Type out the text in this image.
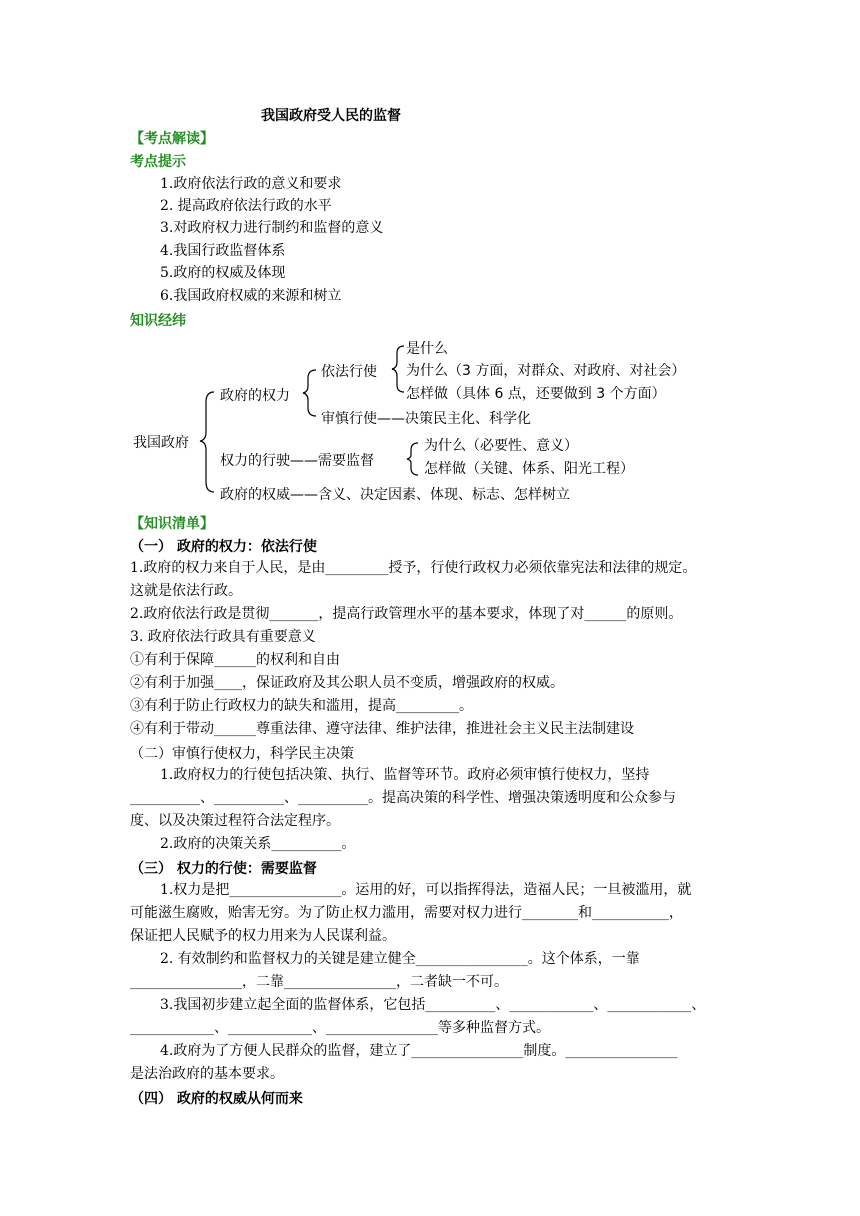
我国政府受人民的监督
【考点解读】
考点提示
1.政府依法行政的意义和要求
2. 提高政府依法行政的水平
3.对政府权力进行制约和监督的意义
4.我国行政监督体系
5.政府的权威及体现
6.我国政府权威的来源和树立
知识经纬
我国政府
政府的权力
依法行使
是什么
为什么（3 方面，对群众、对政府、对社会）
怎样做（具体 6 点，还要做到 3 个方面）
审慎行使——决策民主化、科学化
权力的行驶——需要监督
为什么（必要性、意义）
怎样做（关键、体系、阳光工程）
政府的权威——含义、决定因素、体现、标志、怎样树立
【知识清单】
（一） 政府的权力：依法行使
1.政府的权力来自于人民，是由_________授予，行使行政权力必须依靠宪法和法律的规定。
这就是依法行政。
2.政府依法行政是贯彻_______，提高行政管理水平的基本要求，体现了对______的原则。
3. 政府依法行政具有重要意义
①有利于保障______的权利和自由
②有利于加强____，保证政府及其公职人员不变质，增强政府的权威。
③有利于防止行政权力的缺失和滥用，提高_________。
④有利于带动______尊重法律、遵守法律、维护法律，推进社会主义民主法制建设
（二）审慎行使权力，科学民主决策
1.政府权力的行使包括决策、执行、监督等环节。政府必须审慎行使权力，坚持
__________、__________、__________。提高决策的科学性、增强决策透明度和公众参与
度、以及决策过程符合法定程序。
2.政府的决策关系__________。
（三） 权力的行使：需要监督
1.权力是把________________。运用的好，可以指挥得法，造福人民；一旦被滥用，就
可能滋生腐败，贻害无穷。为了防止权力滥用，需要对权力进行________和___________，
保证把人民赋予的权力用来为人民谋利益。
2. 有效制约和监督权力的关键是建立健全________________。这个体系，一靠
________________，二靠________________，二者缺一不可。
3.我国初步建立起全面的监督体系，它包括__________、____________、____________、
____________、____________、________________等多种监督方式。
4.政府为了方便人民群众的监督，建立了________________制度。________________
是法治政府的基本要求。
（四） 政府的权威从何而来
